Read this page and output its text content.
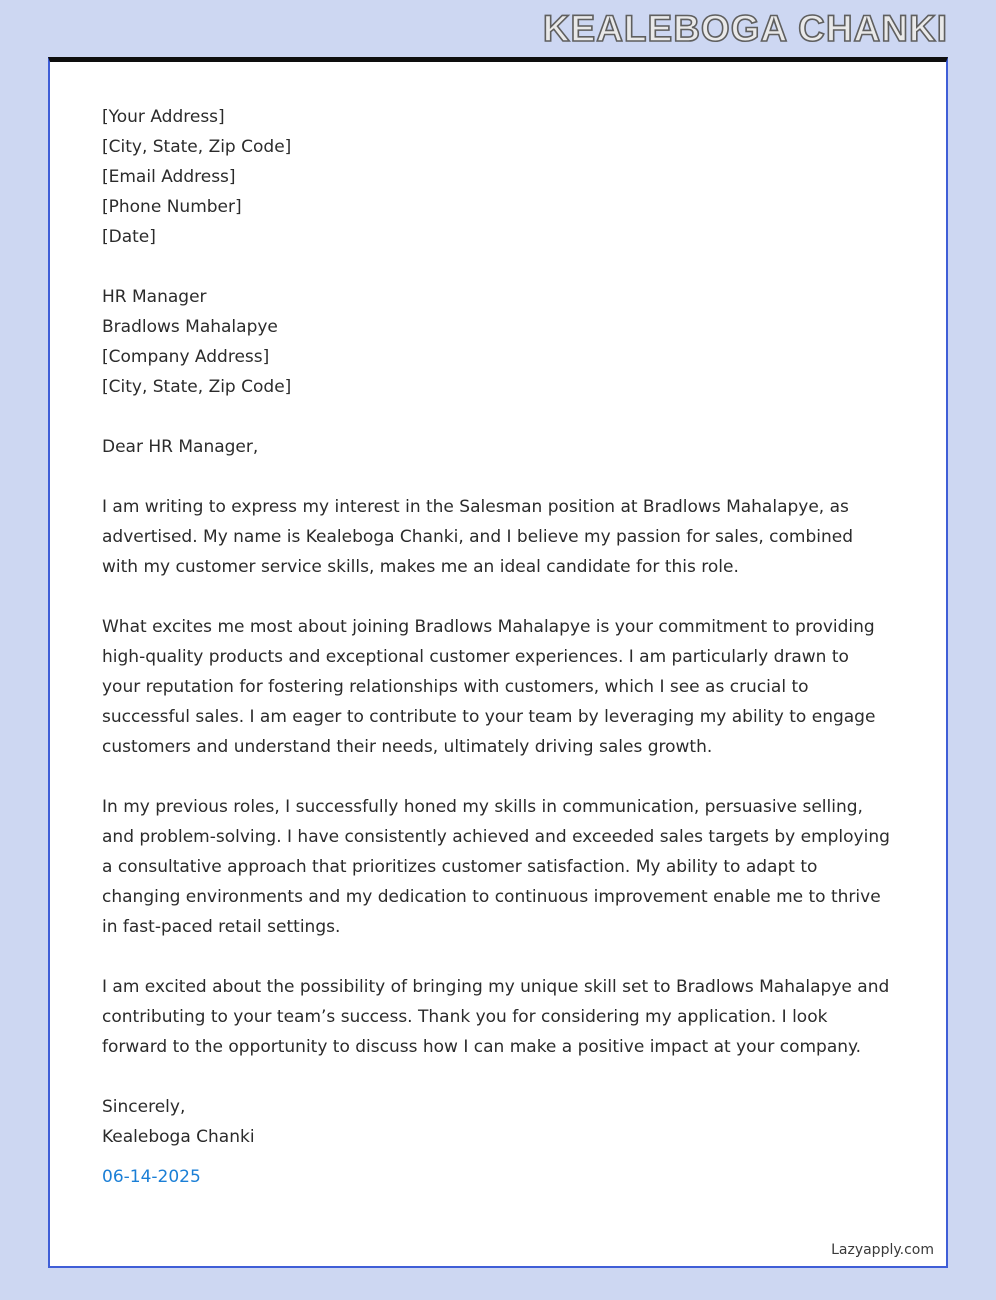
KEALEBOGA CHANKI
[Your Address]
[City, State, Zip Code]
[Email Address]
[Phone Number]
[Date]
HR Manager
Bradlows Mahalapye
[Company Address]
[City, State, Zip Code]

Dear HR Manager,

I am writing to express my interest in the Salesman position at Bradlows Mahalapye, as advertised. My name is Kealeboga Chanki, and I believe my passion for sales, combined with my customer service skills, makes me an ideal candidate for this role.

What excites me most about joining Bradlows Mahalapye is your commitment to providing high-quality products and exceptional customer experiences. I am particularly drawn to your reputation for fostering relationships with customers, which I see as crucial to successful sales. I am eager to contribute to your team by leveraging my ability to engage customers and understand their needs, ultimately driving sales growth.

In my previous roles, I successfully honed my skills in communication, persuasive selling, and problem-solving. I have consistently achieved and exceeded sales targets by employing a consultative approach that prioritizes customer satisfaction. My ability to adapt to changing environments and my dedication to continuous improvement enable me to thrive in fast-paced retail settings.

I am excited about the possibility of bringing my unique skill set to Bradlows Mahalapye and contributing to your team’s success. Thank you for considering my application. I look forward to the opportunity to discuss how I can make a positive impact at your company.

Sincerely,
Kealeboga Chanki

06-14-2025

Lazyapply.com
